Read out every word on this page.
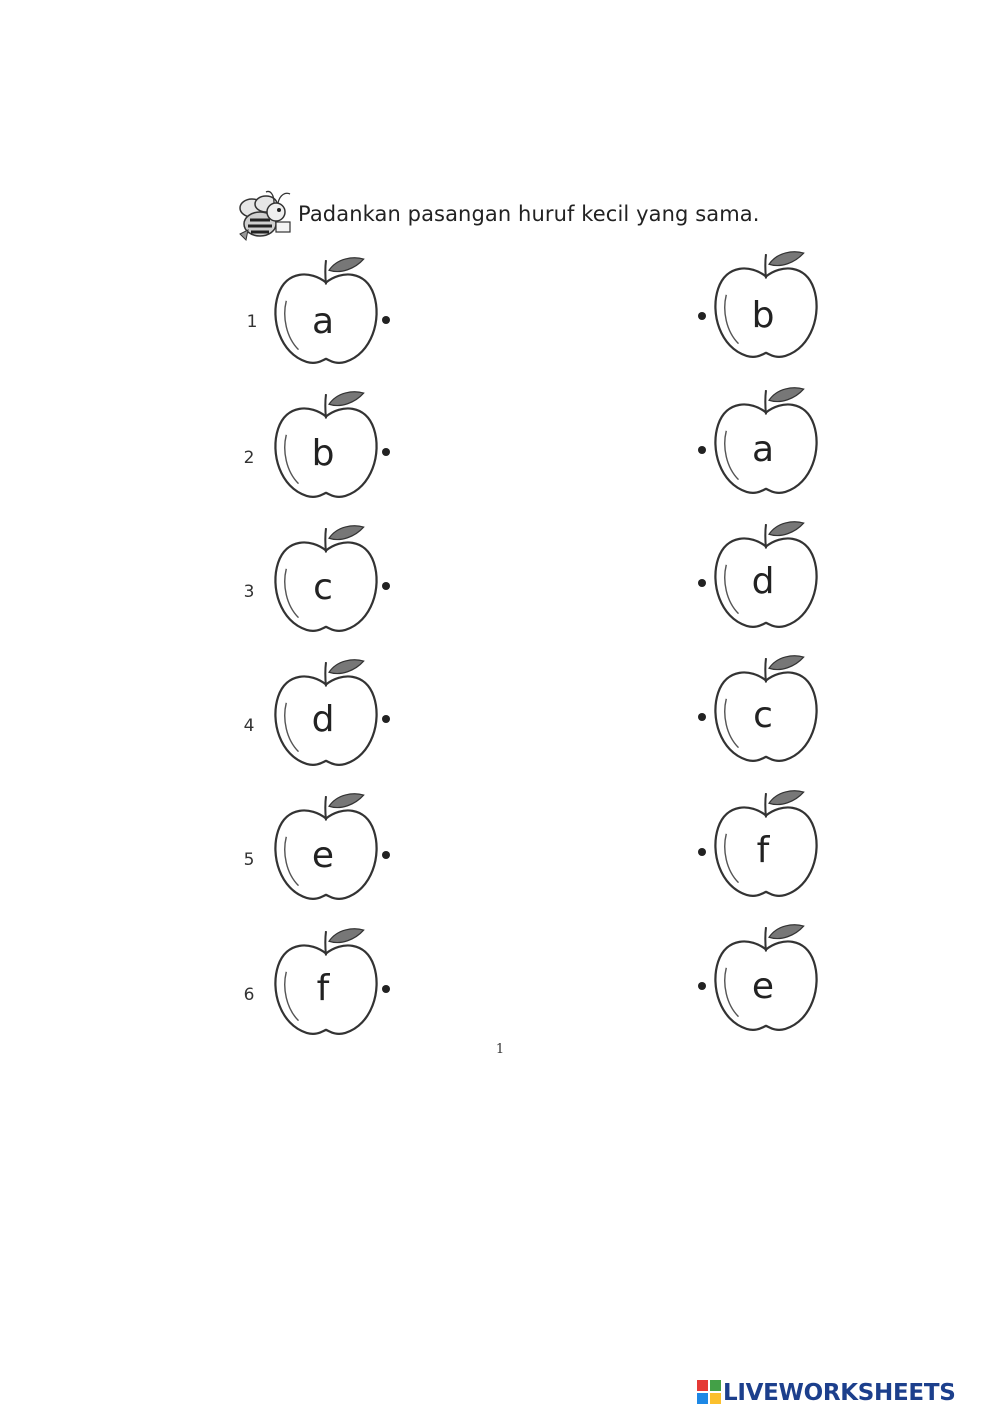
Padankan pasangan huruf kecil yang sama.
1	a
2	b
3	c
4	d
5	e
6	f
b
a
d
c
f
e
1
LIVEWORKSHEETS
